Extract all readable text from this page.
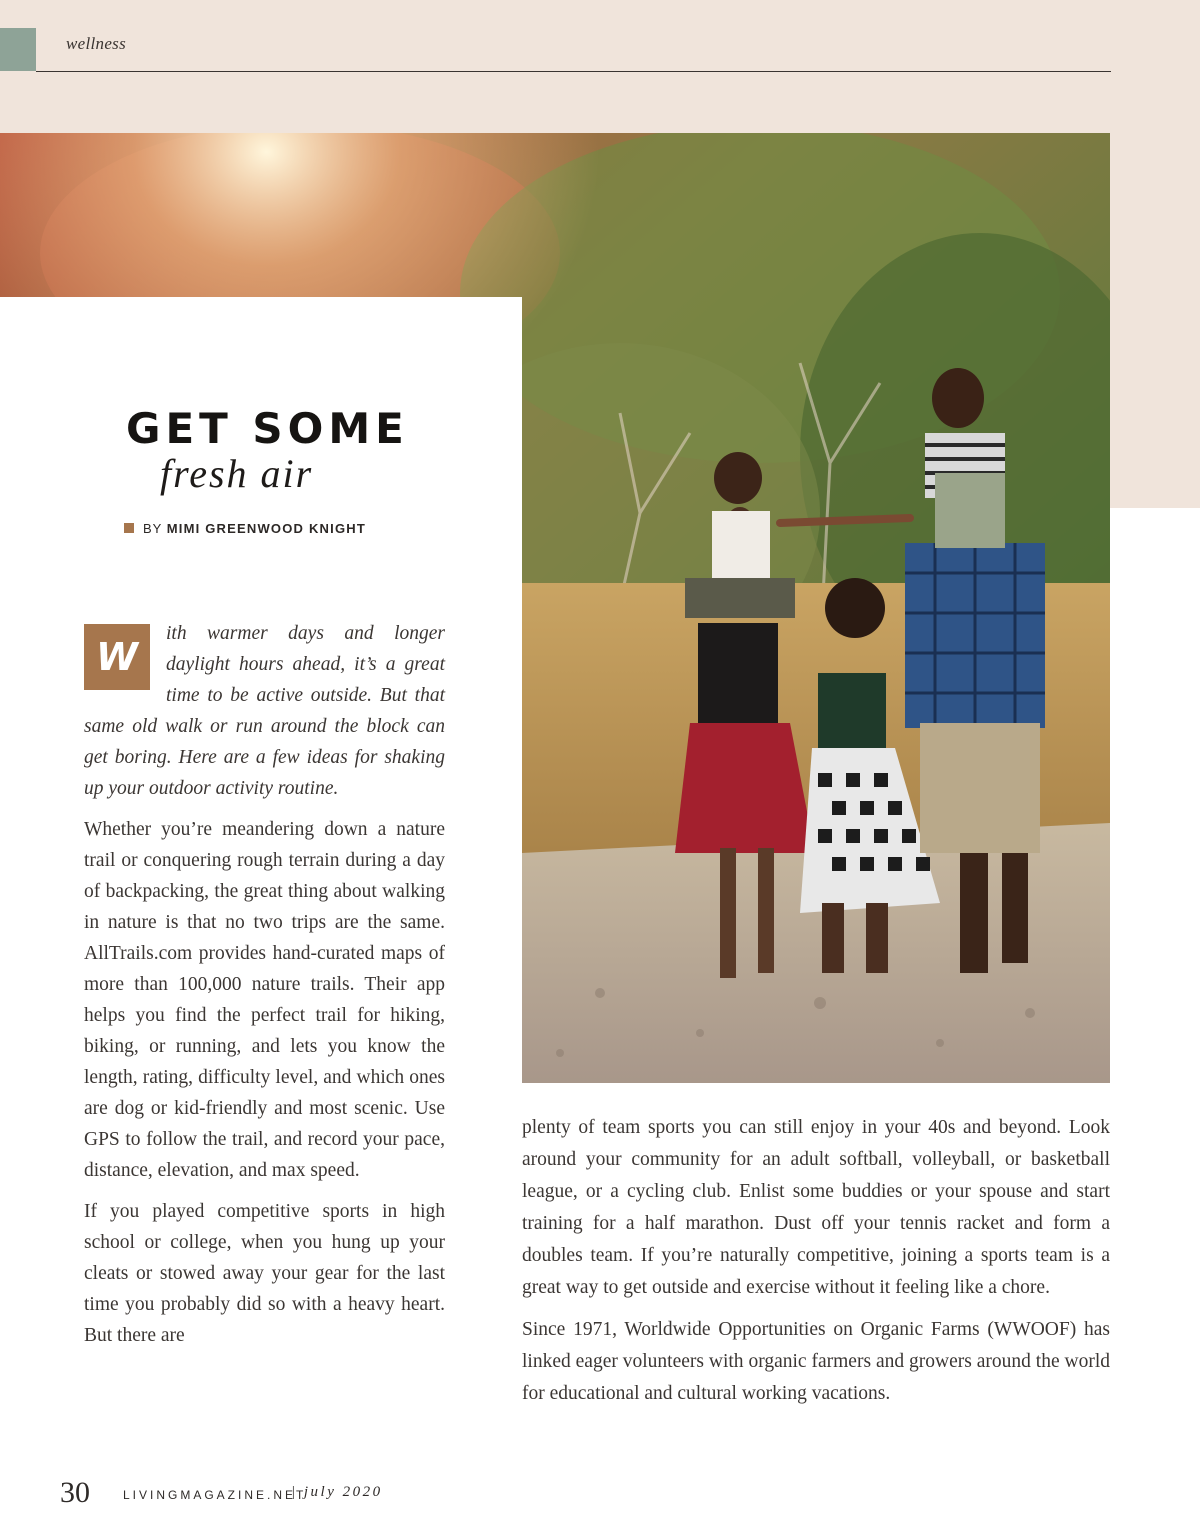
wellness
GET SOME
fresh air
BY MIMI GREENWOOD KNIGHT

W
ith warmer days and longer daylight hours ahead, it’s a great time to be active outside. But that same old walk or run around the block can get boring. Here are a few ideas for shaking up your outdoor activity routine.

Whether you’re meandering down a nature trail or conquering rough terrain during a day of backpacking, the great thing about walking in nature is that no two trips are the same. AllTrails.com provides hand-curated maps of more than 100,000 nature trails. Their app helps you find the perfect trail for hiking, biking, or running, and lets you know the length, rating, difficulty level, and which ones are dog or kid-friendly and most scenic. Use GPS to follow the trail, and record your pace, distance, elevation, and max speed.

If you played competitive sports in high school or college, when you hung up your cleats or stowed away your gear for the last time you probably did so with a heavy heart. But there are

plenty of team sports you can still enjoy in your 40s and beyond. Look around your community for an adult softball, volleyball, or basketball league, or a cycling club. Enlist some buddies or your spouse and start training for a half marathon. Dust off your tennis racket and form a doubles team. If you’re naturally competitive, joining a sports team is a great way to get outside and exercise without it feeling like a chore.

Since 1971, Worldwide Opportunities on Organic Farms (WWOOF) has linked eager volunteers with organic farmers and growers around the world for educational and cultural working vacations.

30	LIVINGMAGAZINE.NET
| july 2020
